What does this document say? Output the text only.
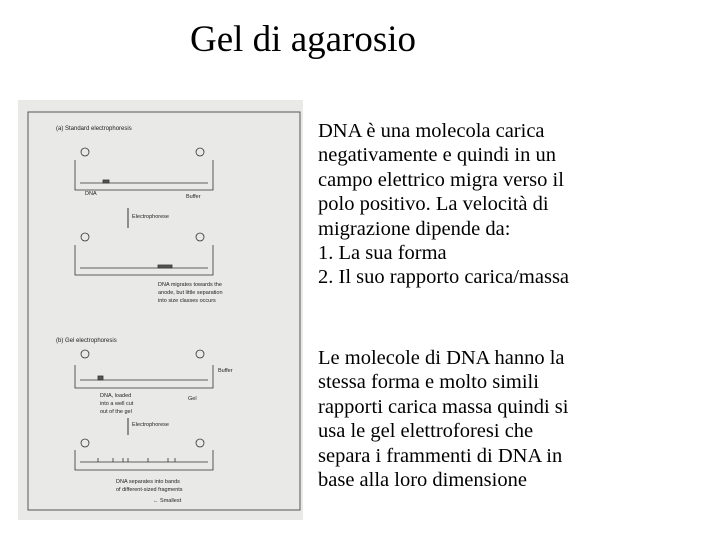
Gel di agarosio
(a) Standard electrophoresis
DNA	Buffer
Electrophorese
DNA migrates towards the
anode, but little separation
into size classes occurs
(b) Gel electrophoresis
Buffer
Gel
DNA, loaded
into a well cut
out of the gel
Electrophorese
DNA separates into bands
of different-sized fragments
← Smallest
DNA è una molecola carica
negativamente e quindi in un
campo elettrico migra verso il
polo positivo. La velocità di
migrazione dipende da:
1. La sua forma
2. Il suo rapporto carica/massa
Le molecole di DNA hanno la
stessa forma e molto simili
rapporti carica massa quindi si
usa le gel elettroforesi che
separa i frammenti di DNA in
base alla loro dimensione
